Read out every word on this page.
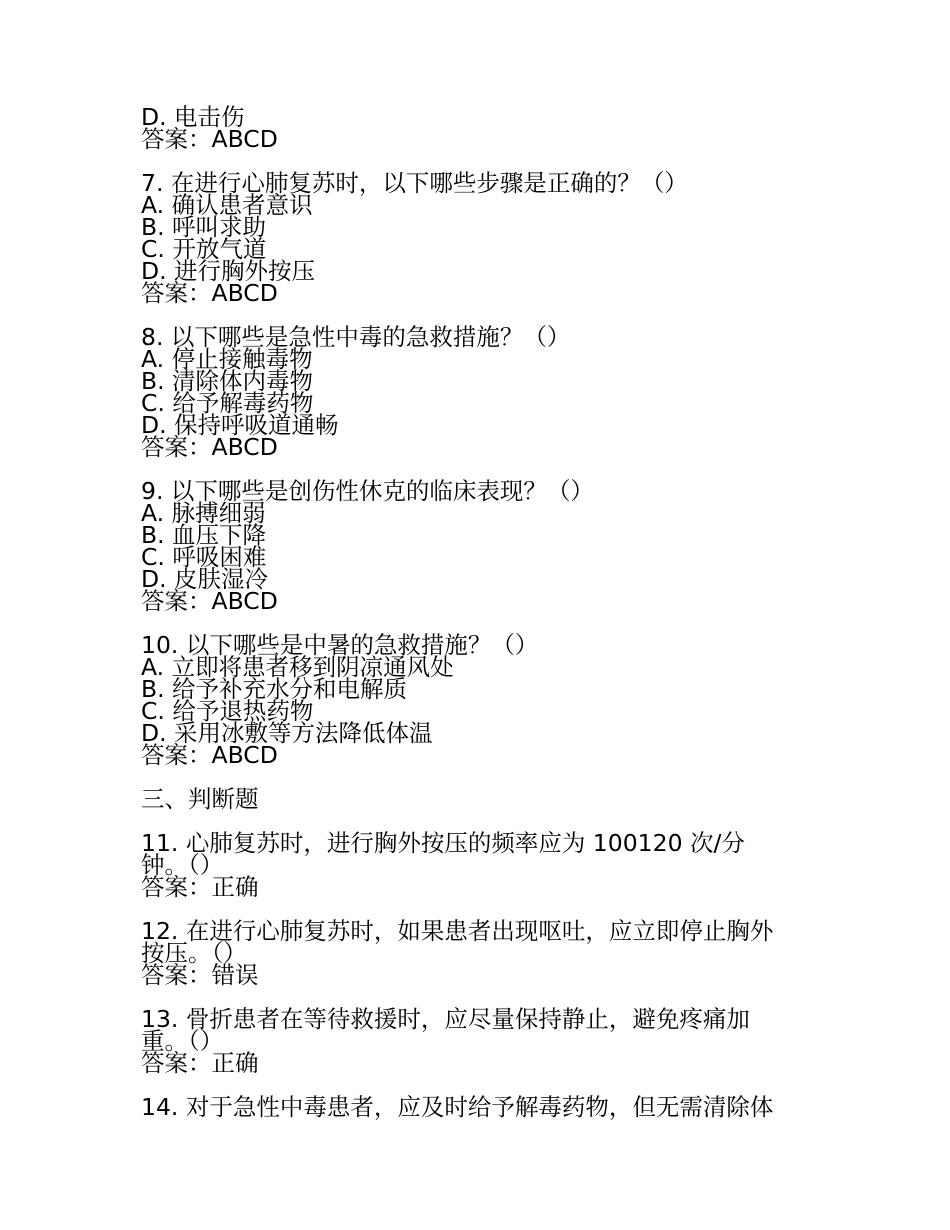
D. 电击伤
答案：ABCD
7. 在进行心肺复苏时，以下哪些步骤是正确的？（）
A. 确认患者意识
B. 呼叫求助
C. 开放气道
D. 进行胸外按压
答案：ABCD
8. 以下哪些是急性中毒的急救措施？（）
A. 停止接触毒物
B. 清除体内毒物
C. 给予解毒药物
D. 保持呼吸道通畅
答案：ABCD
9. 以下哪些是创伤性休克的临床表现？（）
A. 脉搏细弱
B. 血压下降
C. 呼吸困难
D. 皮肤湿冷
答案：ABCD
10. 以下哪些是中暑的急救措施？（）
A. 立即将患者移到阴凉通风处
B. 给予补充水分和电解质
C. 给予退热药物
D. 采用冰敷等方法降低体温
答案：ABCD
三、判断题
11. 心肺复苏时，进行胸外按压的频率应为 100120 次/分
钟。（）
答案：正确
12. 在进行心肺复苏时，如果患者出现呕吐，应立即停止胸外
按压。（）
答案：错误
13. 骨折患者在等待救援时，应尽量保持静止，避免疼痛加
重。（）
答案：正确
14. 对于急性中毒患者，应及时给予解毒药物，但无需清除体
